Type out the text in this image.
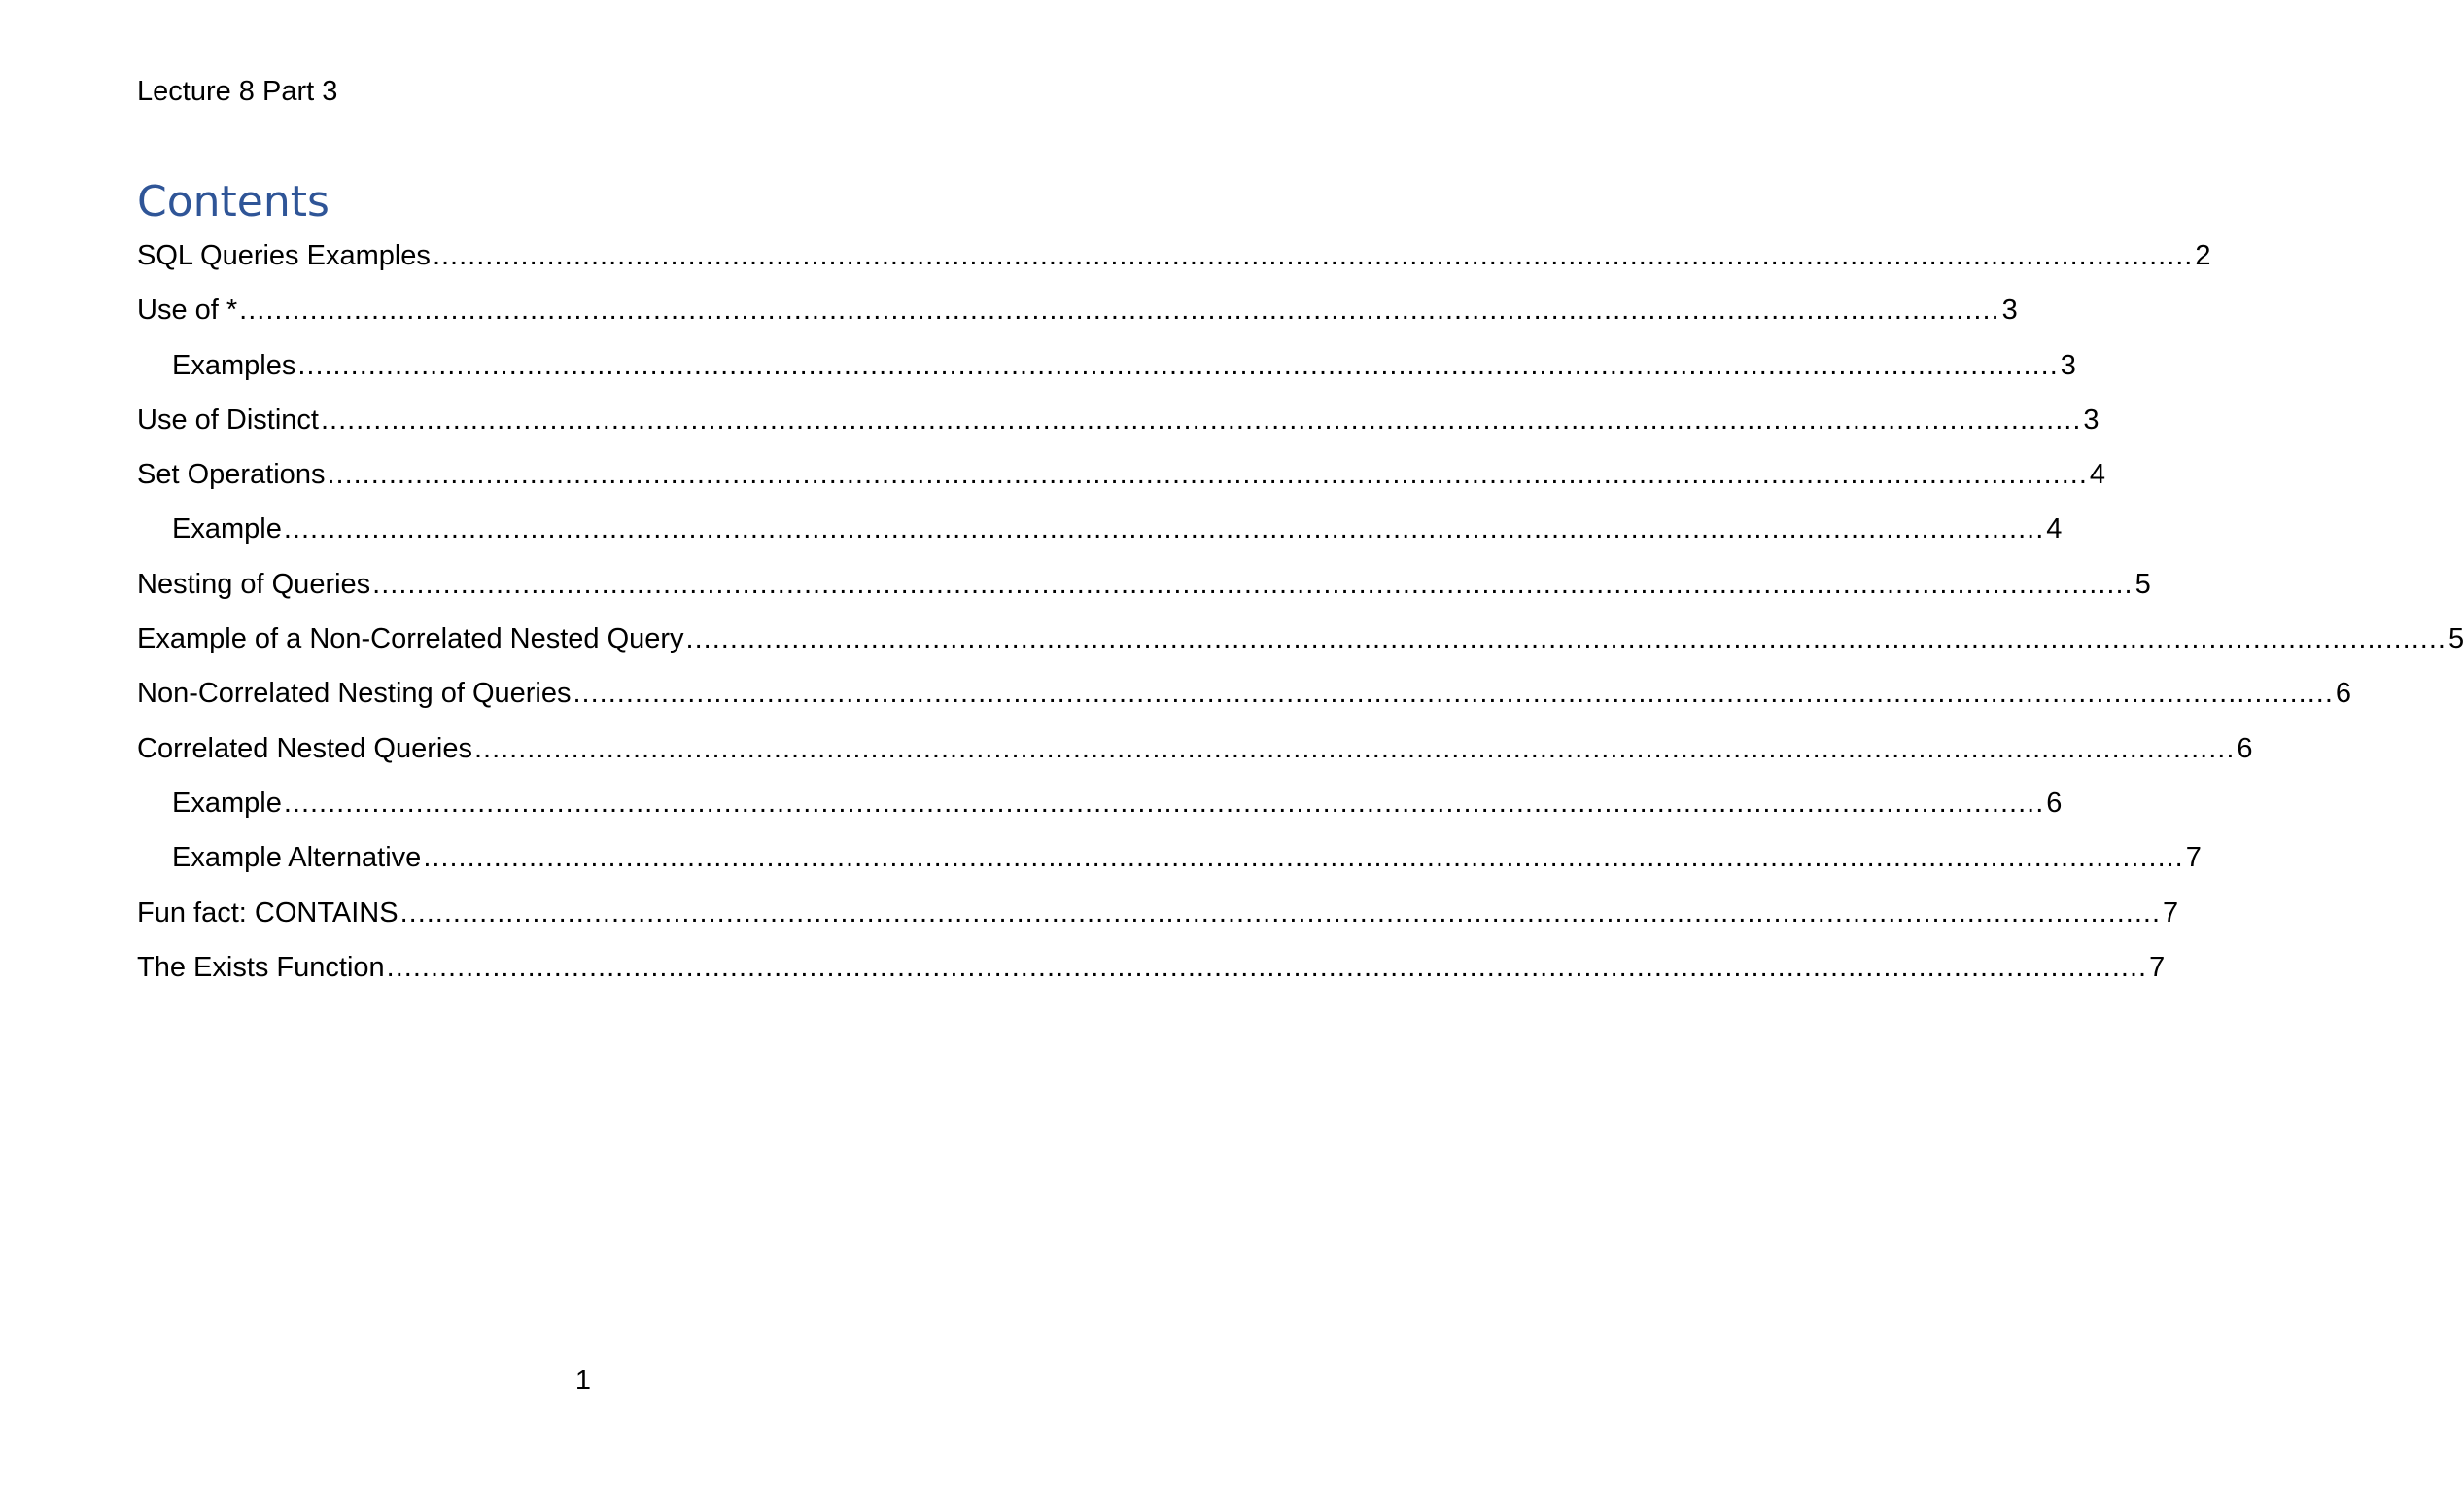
Lecture 8 Part 3
Contents
SQL Queries Examples ........................................................................................................................................................................................................ 2
Use of * ........................................................................................................................................................................................................ 3
Examples ........................................................................................................................................................................................................ 3
Use of Distinct ........................................................................................................................................................................................................ 3
Set Operations ........................................................................................................................................................................................................ 4
Example ........................................................................................................................................................................................................ 4
Nesting of Queries ........................................................................................................................................................................................................ 5
Example of a Non-Correlated Nested Query ........................................................................................................................................................................................................ 5
Non-Correlated Nesting of Queries ........................................................................................................................................................................................................ 6
Correlated Nested Queries ........................................................................................................................................................................................................ 6
Example ........................................................................................................................................................................................................ 6
Example Alternative ........................................................................................................................................................................................................ 7
Fun fact: CONTAINS ........................................................................................................................................................................................................ 7
The Exists Function ........................................................................................................................................................................................................ 7
1
